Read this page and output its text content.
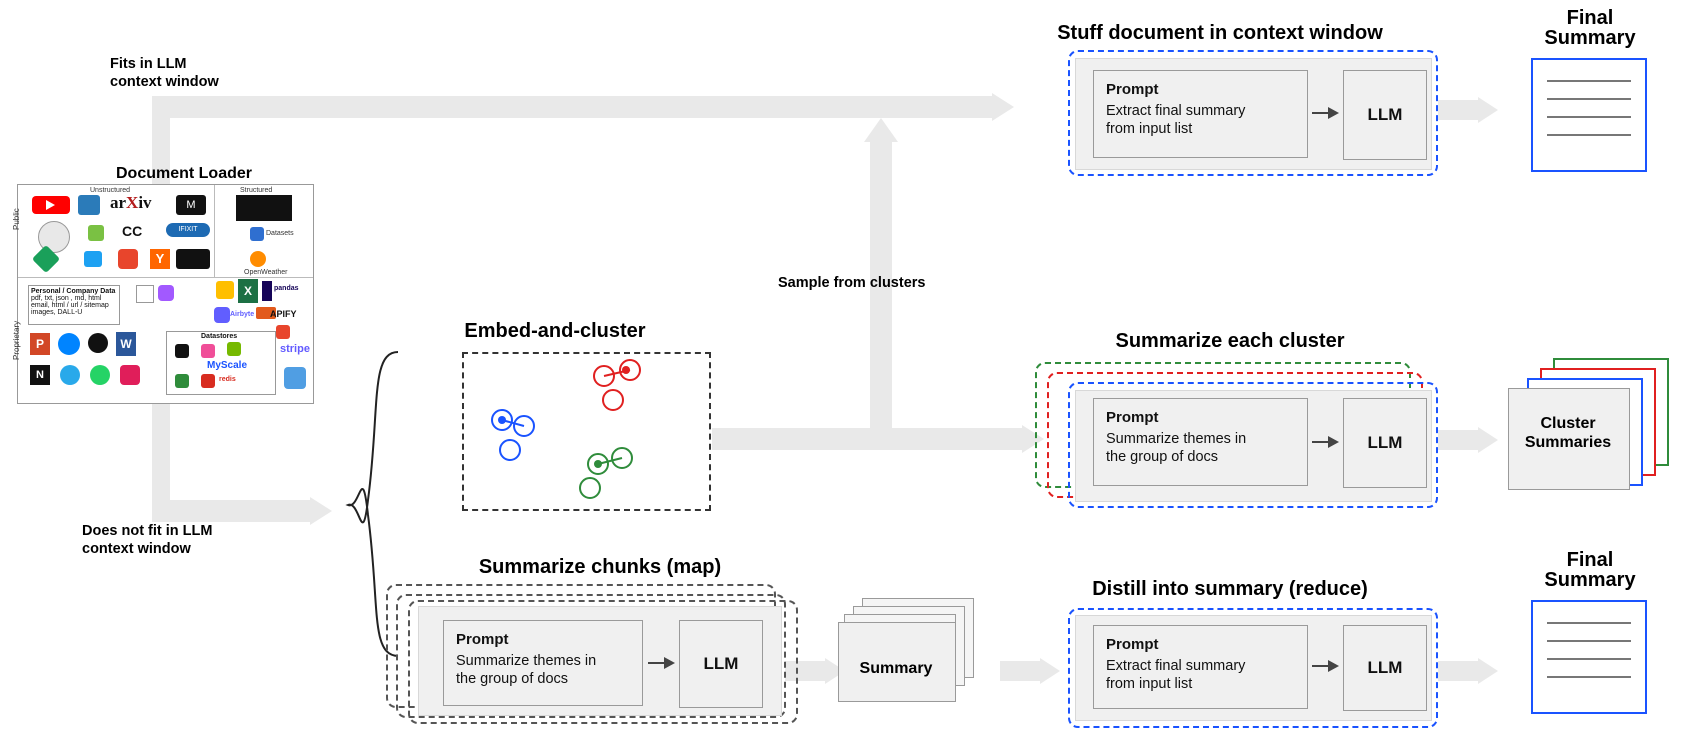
Fits in LLM
context window
Does not fit in LLM
context window
Sample from clusters
Document Loader
Unstructured	Structured
arXiv	M
CC	IFIXIT
Y
Datasets
OpenWeather
Personal / Company Data
pdf, txt, json , md, html
email, html / url / sitemap
images, DALL-U
X	pandas
P	W
Airbyte APIFY
N
Datastores
MyScale
redis
stripe
Public
Proprietary
Stuff document in context window
Prompt
Extract final summary
from input list
LLM
Final
Summary
Embed-and-cluster	Summarize each cluster
Prompt
Summarize themes in
the group of docs
LLM
Cluster
Summaries
Summarize chunks (map)
Prompt
Summarize themes in
the group of docs
LLM	Summary
Distill into summary (reduce)
Prompt
Extract final summary
from input list
LLM
Final
Summary
